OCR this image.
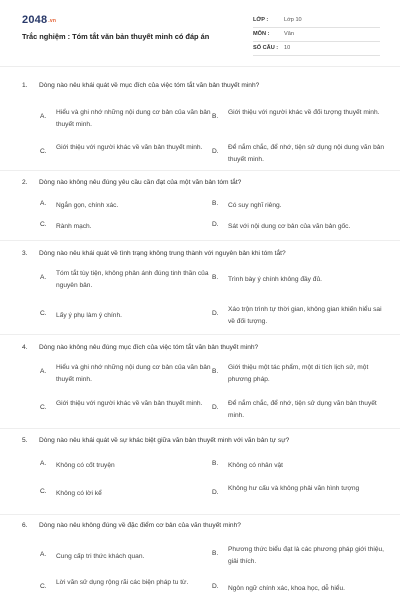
2048.vn
Trắc nghiệm : Tóm tắt văn bản thuyết minh có đáp án
LỚP :	Lớp 10
MÔN :	Văn
SỐ CÂU : 10
1. Dòng nào nêu khái quát về mục đích của việc tóm tắt văn bản thuyết minh?
A.
Hiểu và ghi nhớ những nội dung cơ bản của văn bản thuyết minh.
B.
Giới thiệu với người khác về đối tượng thuyết minh.
C.
Giới thiệu với người khác về văn bản thuyết minh.
D.
Để nắm chắc, để nhớ, tiện sử dụng nội dung văn bản thuyết minh.
2. Dòng nào không nêu đúng yêu cầu cần đạt của một văn bản tóm tắt?
A. Ngắn gọn, chính xác.	B. Có suy nghĩ riêng.
C. Rành mạch.	D. Sát với nội dung cơ bản của văn bản gốc.
3. Dòng nào nêu khái quát về tình trạng không trung thành với nguyên bản khi tóm tắt?
A.
Tóm tắt tùy tiện, không phản ánh đúng tinh thần của nguyên bản.
B. Trình bày ý chính không đầy đủ.
C. Lấy ý phụ làm ý chính.	D.
Xáo trộn trình tự thời gian, không gian khiến hiểu sai về đối tượng.
4. Dòng nào không nêu đúng mục đích của việc tóm tắt văn bản thuyết minh?
A.
Hiểu và ghi nhớ những nội dung cơ bản của văn bản thuyết minh.
B.
Giới thiệu một tác phẩm, một di tích lịch sử, một phương pháp.
C.
Giới thiệu với người khác về văn bản thuyết minh.
D.
Để nắm chắc, để nhớ, tiện sử dụng văn bản thuyết minh.
5. Dòng nào nêu khái quát về sự khác biệt giữa văn bản thuyết minh với văn bản tự sự?
A. Không có cốt truyện	B. Không có nhân vật
C. Không có lời kể	D.
Không hư cấu và không phải văn hình tượng
6. Dòng nào nêu không đúng về đặc điểm cơ bản của văn thuyết minh?
A. Cung cấp tri thức khách quan.	B.
Phương thức biểu đạt là các phương pháp giới thiệu, giải thích.
C.
Lời văn sử dụng rộng rãi các biện pháp tu từ.
D. Ngôn ngữ chính xác, khoa học, dễ hiểu.
